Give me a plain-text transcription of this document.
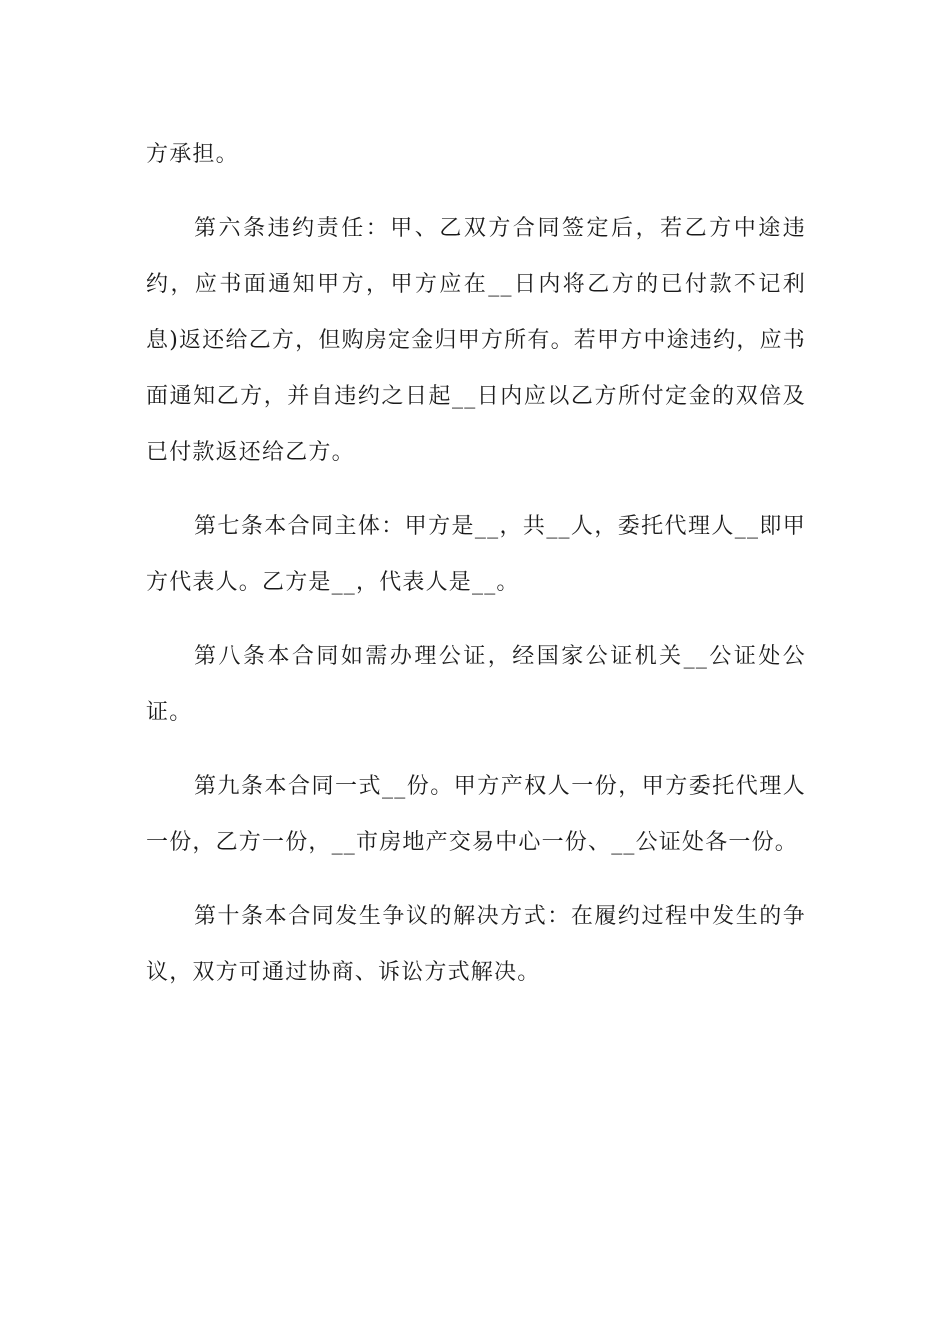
方承担。

第六条违约责任：甲、乙双方合同签定后，若乙方中途违约，应书面通知甲方，甲方应在__日内将乙方的已付款不记利息)返还给乙方，但购房定金归甲方所有。若甲方中途违约，应书面通知乙方，并自违约之日起__日内应以乙方所付定金的双倍及已付款返还给乙方。

第七条本合同主体：甲方是__，共__人，委托代理人__即甲方代表人。乙方是__，代表人是__。

第八条本合同如需办理公证，经国家公证机关__公证处公证。

第九条本合同一式__份。甲方产权人一份，甲方委托代理人一份，乙方一份，__市房地产交易中心一份、__公证处各一份。

第十条本合同发生争议的解决方式：在履约过程中发生的争议，双方可通过协商、诉讼方式解决。
